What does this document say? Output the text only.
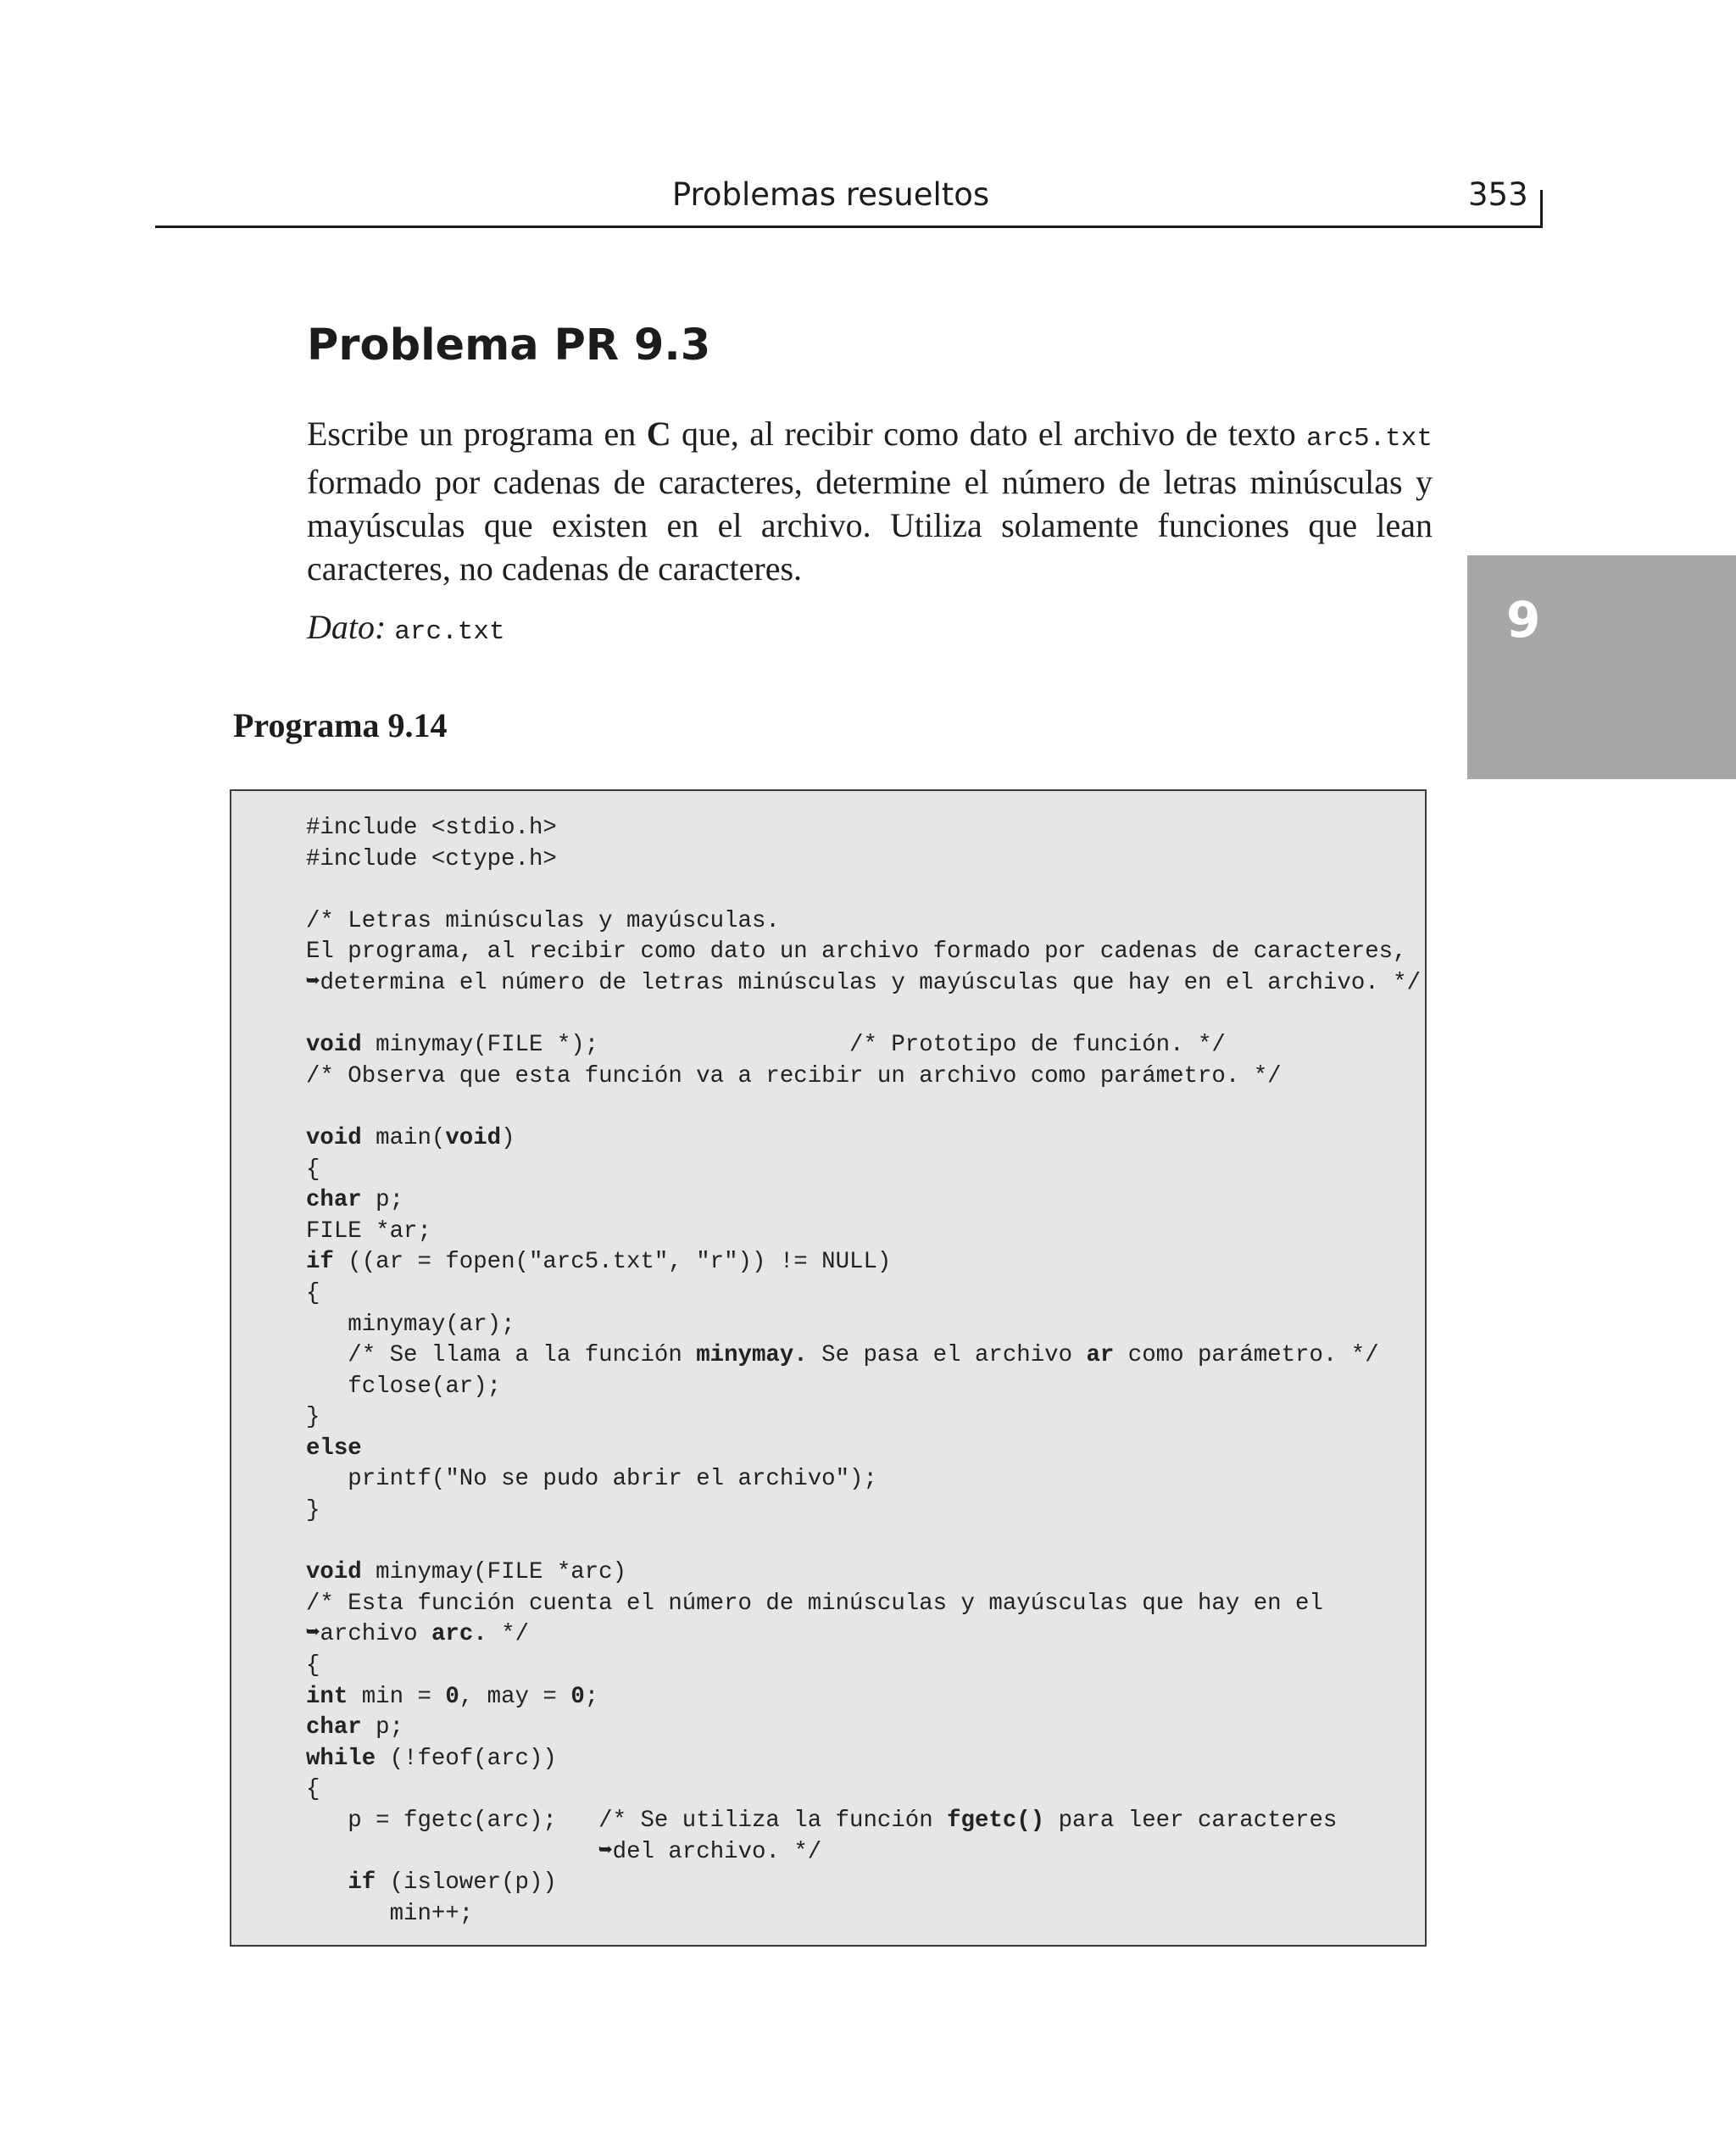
Problemas resueltos	353
9
Problema PR 9.3
Escribe un programa en C que, al recibir como dato el archivo de texto arc5.txt formado por cadenas de caracteres, determine el número de letras minúsculas y mayúsculas que existen en el archivo. Utiliza solamente funciones que lean caracteres, no cadenas de caracteres.
Dato: arc.txt
Programa 9.14
#include <stdio.h>
#include <ctype.h>

/* Letras minúsculas y mayúsculas.
El programa, al recibir como dato un archivo formado por cadenas de caracteres,
➥determina el número de letras minúsculas y mayúsculas que hay en el archivo. */

void minymay(FILE *);                  /* Prototipo de función. */
/* Observa que esta función va a recibir un archivo como parámetro. */

void main(void)
{
char p;
FILE *ar;
if ((ar = fopen("arc5.txt", "r")) != NULL)
{
minymay(ar);
/* Se llama a la función minymay. Se pasa el archivo ar como parámetro. */
fclose(ar);
}
else
printf("No se pudo abrir el archivo");
}

void minymay(FILE *arc)
/* Esta función cuenta el número de minúsculas y mayúsculas que hay en el
➥archivo arc. */
{
int min = 0, may = 0;
char p;
while (!feof(arc))
{
p = fgetc(arc);   /* Se utiliza la función fgetc() para leer caracteres
➥del archivo. */
if (islower(p))
min++;
